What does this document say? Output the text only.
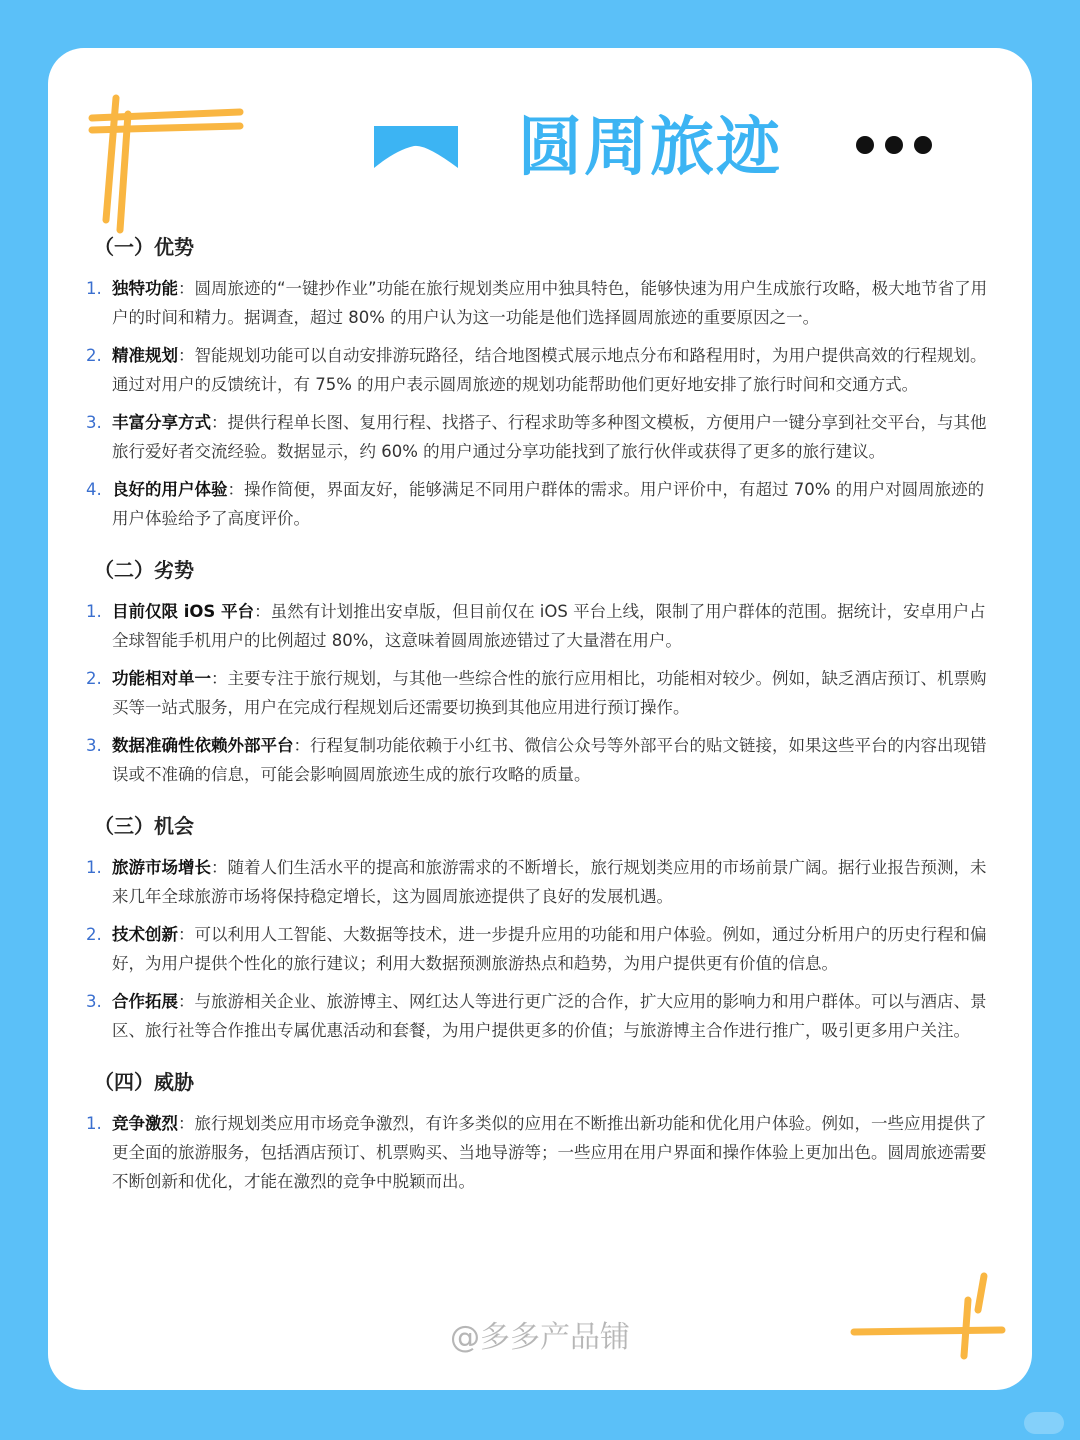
圆周旅迹
（一）优势
1. 独特功能：圆周旅迹的“一键抄作业”功能在旅行规划类应用中独具特色，能够快速为用户生成旅行攻略，极大地节省了用户的时间和精力。据调查，超过 80% 的用户认为这一功能是他们选择圆周旅迹的重要原因之一。
2. 精准规划：智能规划功能可以自动安排游玩路径，结合地图模式展示地点分布和路程用时，为用户提供高效的行程规划。通过对用户的反馈统计，有 75% 的用户表示圆周旅迹的规划功能帮助他们更好地安排了旅行时间和交通方式。
3. 丰富分享方式：提供行程单长图、复用行程、找搭子、行程求助等多种图文模板，方便用户一键分享到社交平台，与其他旅行爱好者交流经验。数据显示，约 60% 的用户通过分享功能找到了旅行伙伴或获得了更多的旅行建议。
4. 良好的用户体验：操作简便，界面友好，能够满足不同用户群体的需求。用户评价中，有超过 70% 的用户对圆周旅迹的用户体验给予了高度评价。
（二）劣势
1. 目前仅限 iOS 平台：虽然有计划推出安卓版，但目前仅在 iOS 平台上线，限制了用户群体的范围。据统计，安卓用户占全球智能手机用户的比例超过 80%，这意味着圆周旅迹错过了大量潜在用户。
2. 功能相对单一：主要专注于旅行规划，与其他一些综合性的旅行应用相比，功能相对较少。例如，缺乏酒店预订、机票购买等一站式服务，用户在完成行程规划后还需要切换到其他应用进行预订操作。
3. 数据准确性依赖外部平台：行程复制功能依赖于小红书、微信公众号等外部平台的贴文链接，如果这些平台的内容出现错误或不准确的信息，可能会影响圆周旅迹生成的旅行攻略的质量。
（三）机会
1. 旅游市场增长：随着人们生活水平的提高和旅游需求的不断增长，旅行规划类应用的市场前景广阔。据行业报告预测，未来几年全球旅游市场将保持稳定增长，这为圆周旅迹提供了良好的发展机遇。
2. 技术创新：可以利用人工智能、大数据等技术，进一步提升应用的功能和用户体验。例如，通过分析用户的历史行程和偏好，为用户提供个性化的旅行建议；利用大数据预测旅游热点和趋势，为用户提供更有价值的信息。
3. 合作拓展：与旅游相关企业、旅游博主、网红达人等进行更广泛的合作，扩大应用的影响力和用户群体。可以与酒店、景区、旅行社等合作推出专属优惠活动和套餐，为用户提供更多的价值；与旅游博主合作进行推广，吸引更多用户关注。
（四）威胁
1. 竞争激烈：旅行规划类应用市场竞争激烈，有许多类似的应用在不断推出新功能和优化用户体验。例如，一些应用提供了更全面的旅游服务，包括酒店预订、机票购买、当地导游等；一些应用在用户界面和操作体验上更加出色。圆周旅迹需要不断创新和优化，才能在激烈的竞争中脱颖而出。
@多多产品铺
